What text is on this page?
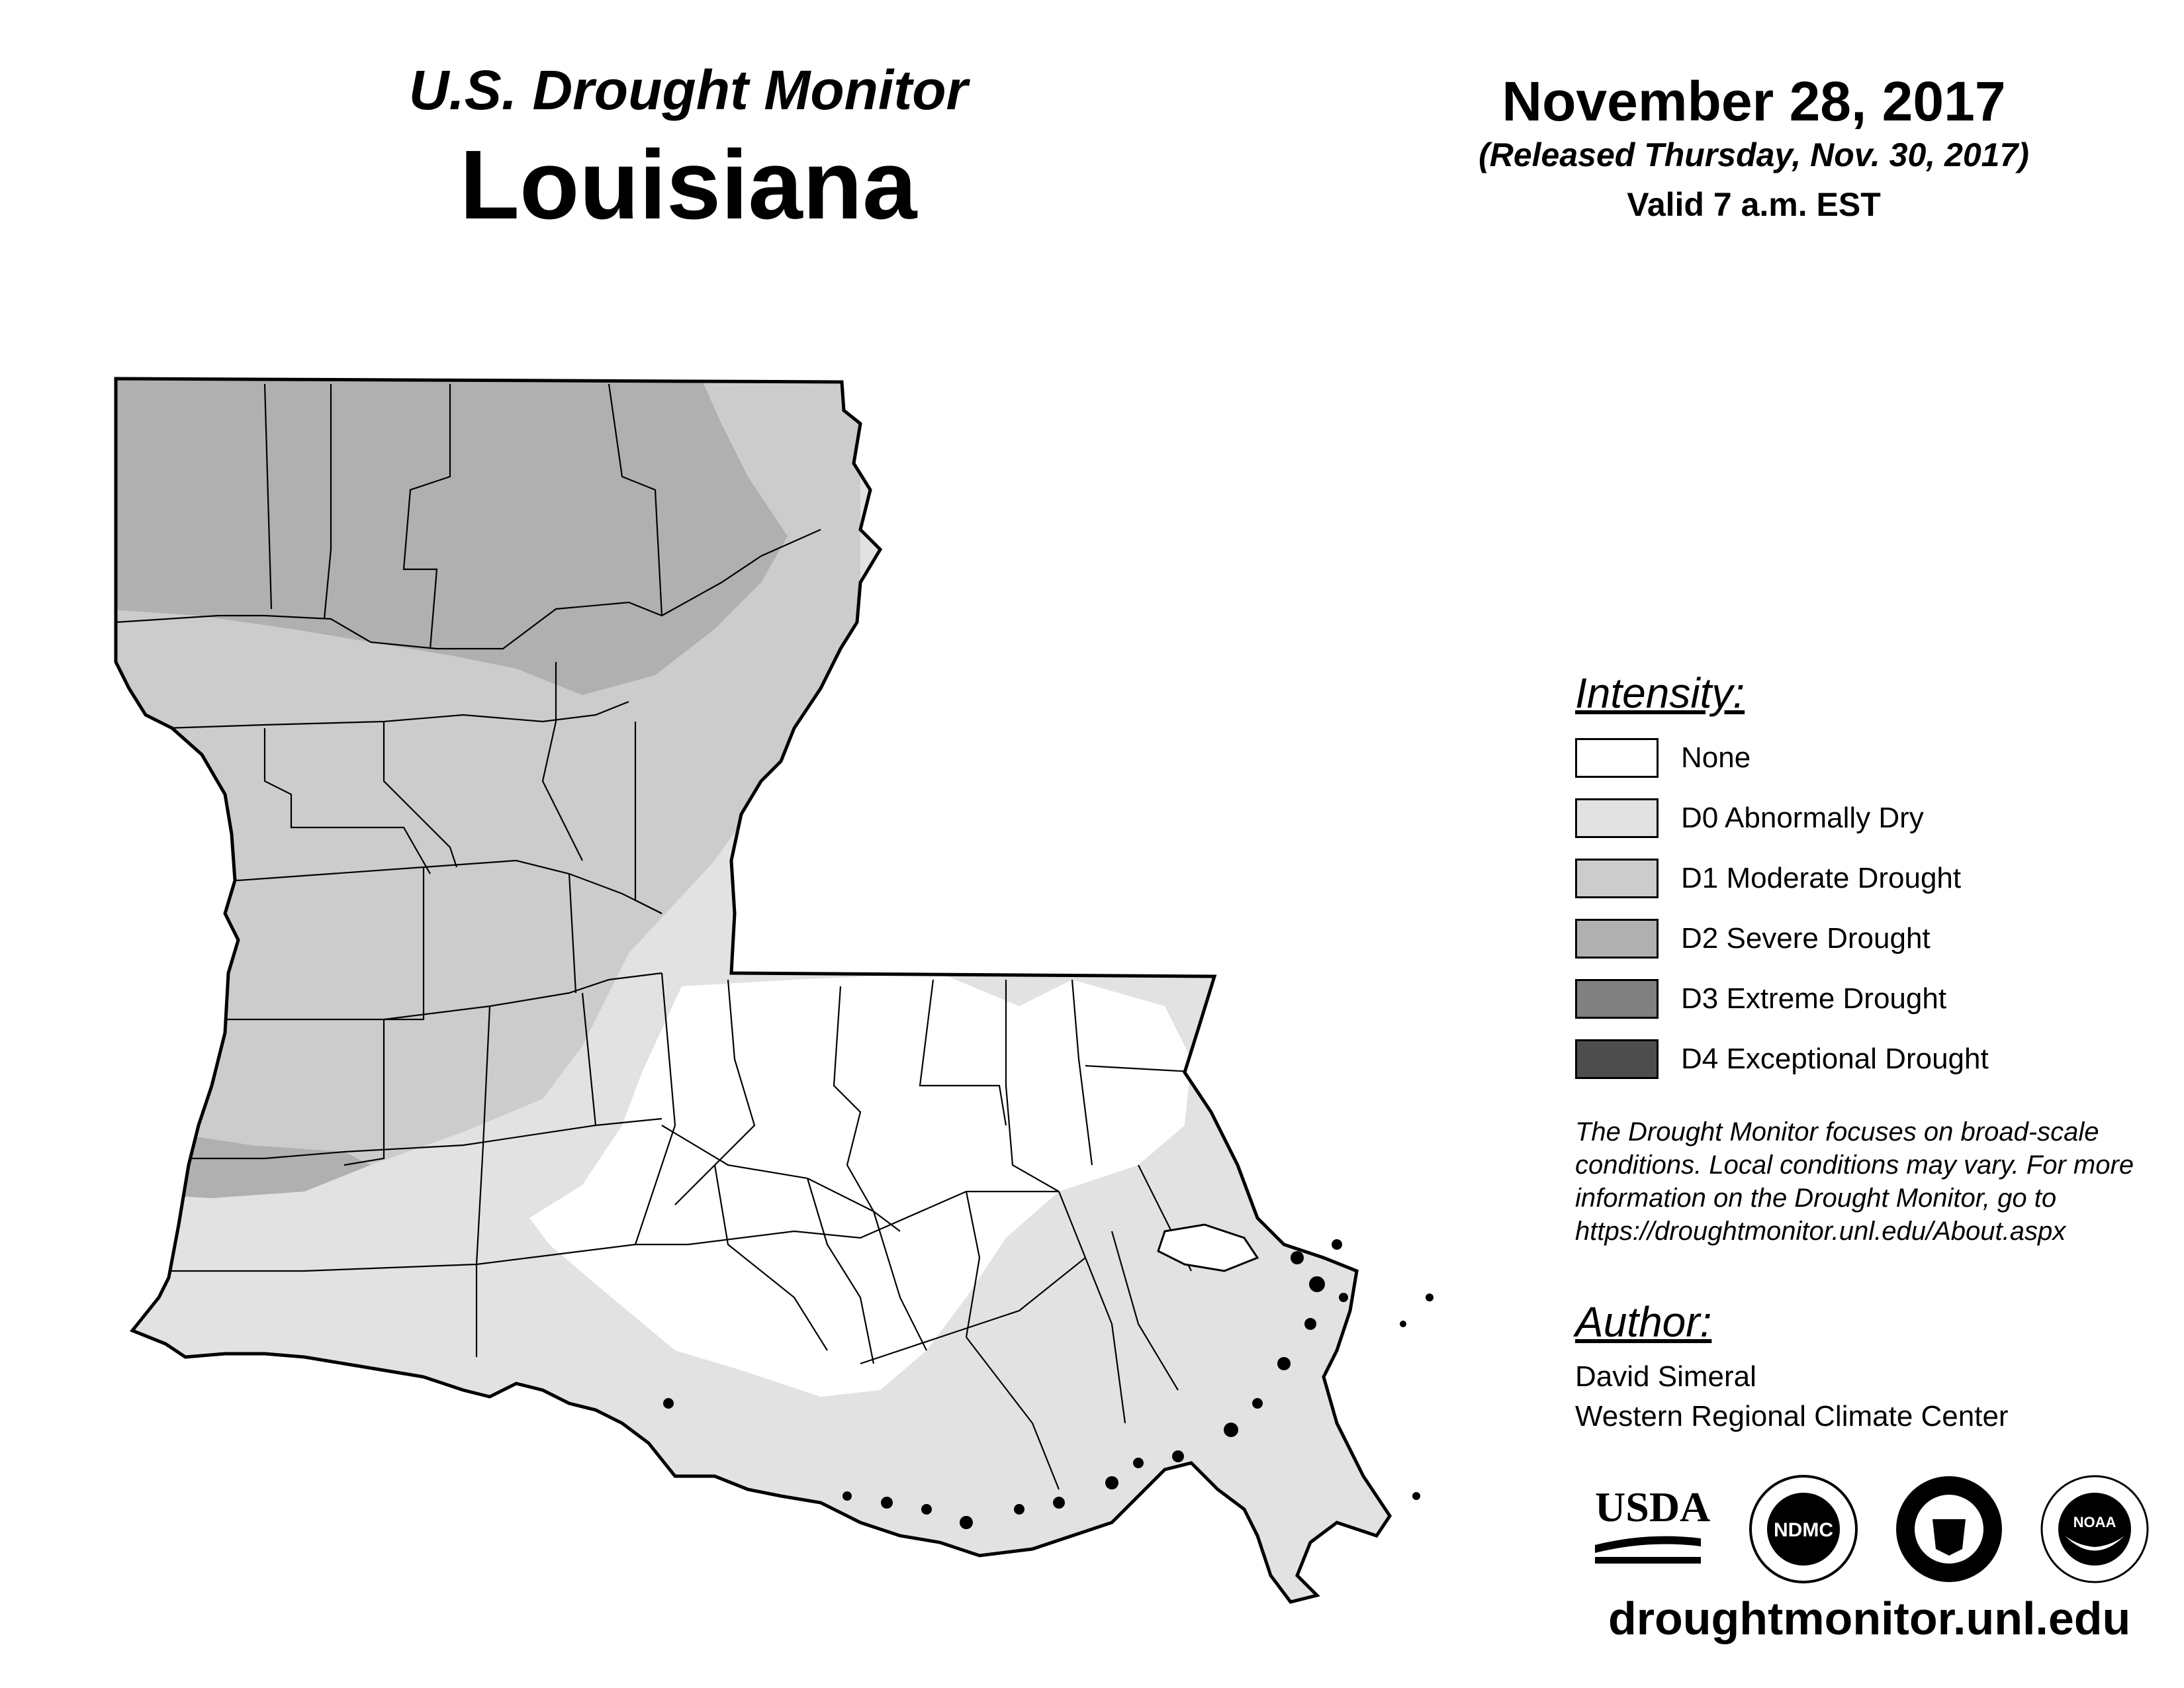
U.S. Drought Monitor
Louisiana
November 28, 2017
(Released Thursday, Nov. 30, 2017)
Valid 7 a.m. EST
Intensity:
None
D0 Abnormally Dry
D1 Moderate Drought
D2 Severe Drought
D3 Extreme Drought
D4 Exceptional Drought
The Drought Monitor focuses on broad-scale conditions. Local conditions may vary. For more information on the Drought Monitor, go to https://droughtmonitor.unl.edu/About.aspx
Author:
David Simeral
Western Regional Climate Center
USDA	NDMC	NOAA
droughtmonitor.unl.edu
